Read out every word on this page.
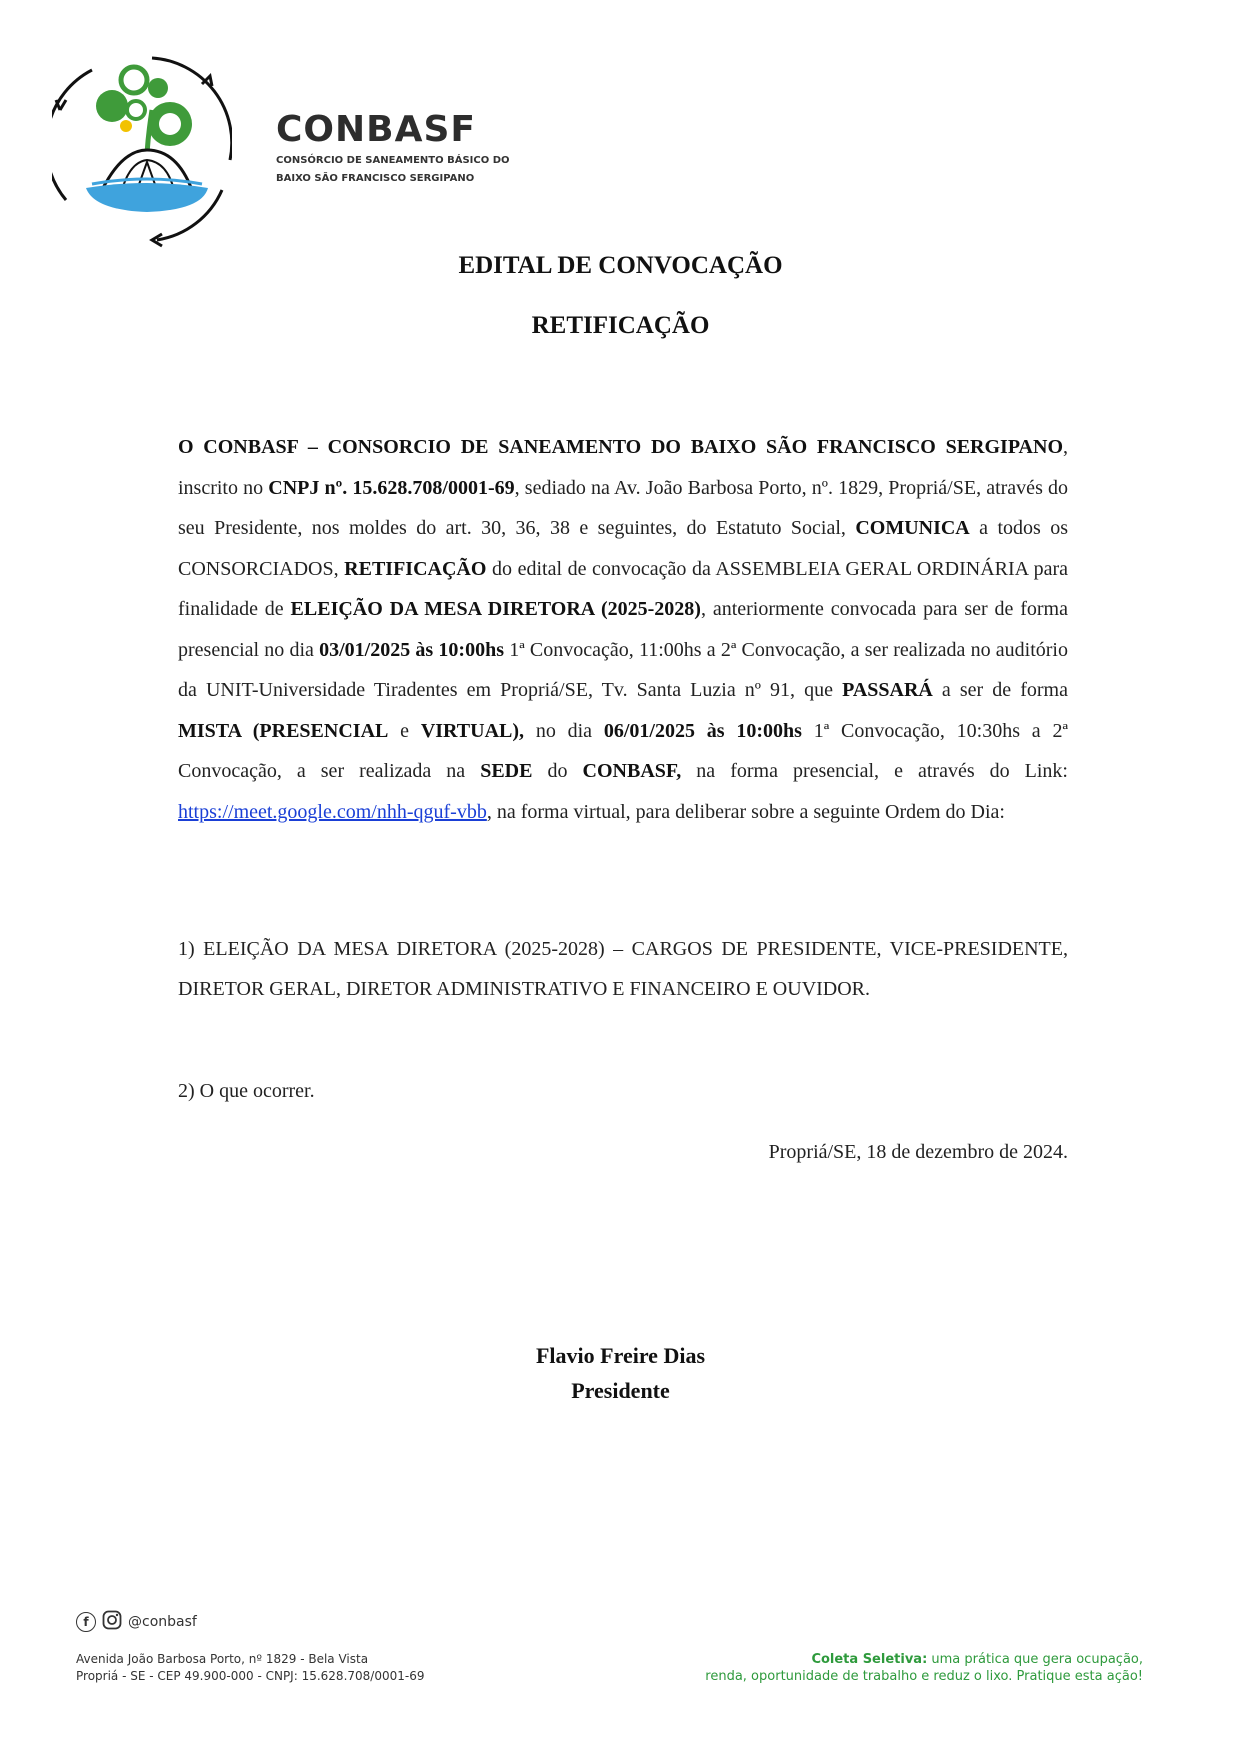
CONBASF
CONSÓRCIO DE SANEAMENTO BÁSICO DO
BAIXO SÃO FRANCISCO SERGIPANO
EDITAL DE CONVOCAÇÃO
RETIFICAÇÃO

O CONBASF – CONSORCIO DE SANEAMENTO DO BAIXO SÃO FRANCISCO SERGIPANO, inscrito no CNPJ nº. 15.628.708/0001-69, sediado na Av. João Barbosa Porto, nº. 1829, Propriá/SE, através do seu Presidente, nos moldes do art. 30, 36, 38 e seguintes, do Estatuto Social, COMUNICA a todos os CONSORCIADOS, RETIFICAÇÃO do edital de convocação da ASSEMBLEIA GERAL ORDINÁRIA para finalidade de ELEIÇÃO DA MESA DIRETORA (2025-2028), anteriormente convocada para ser de forma presencial no dia 03/01/2025 às 10:00hs 1ª Convocação, 11:00hs a 2ª Convocação, a ser realizada no auditório da UNIT-Universidade Tiradentes em Propriá/SE, Tv. Santa Luzia nº 91, que PASSARÁ a ser de forma MISTA (PRESENCIAL e VIRTUAL), no dia 06/01/2025 às 10:00hs 1ª Convocação, 10:30hs a 2ª Convocação, a ser realizada na SEDE do CONBASF, na forma presencial, e através do Link: https://meet.google.com/nhh-qguf-vbb, na forma virtual, para deliberar sobre a seguinte Ordem do Dia:

1) ELEIÇÃO DA MESA DIRETORA (2025-2028) – CARGOS DE PRESIDENTE, VICE-PRESIDENTE, DIRETOR GERAL, DIRETOR ADMINISTRATIVO E FINANCEIRO E OUVIDOR.
2) O que ocorrer.
Propriá/SE, 18 de dezembro de 2024.
Flavio Freire Dias
Presidente
f	@conbasf
Avenida João Barbosa Porto, nº 1829 - Bela Vista
Propriá - SE - CEP 49.900-000 - CNPJ: 15.628.708/0001-69
Coleta Seletiva: uma prática que gera ocupação,
renda, oportunidade de trabalho e reduz o lixo. Pratique esta ação!
